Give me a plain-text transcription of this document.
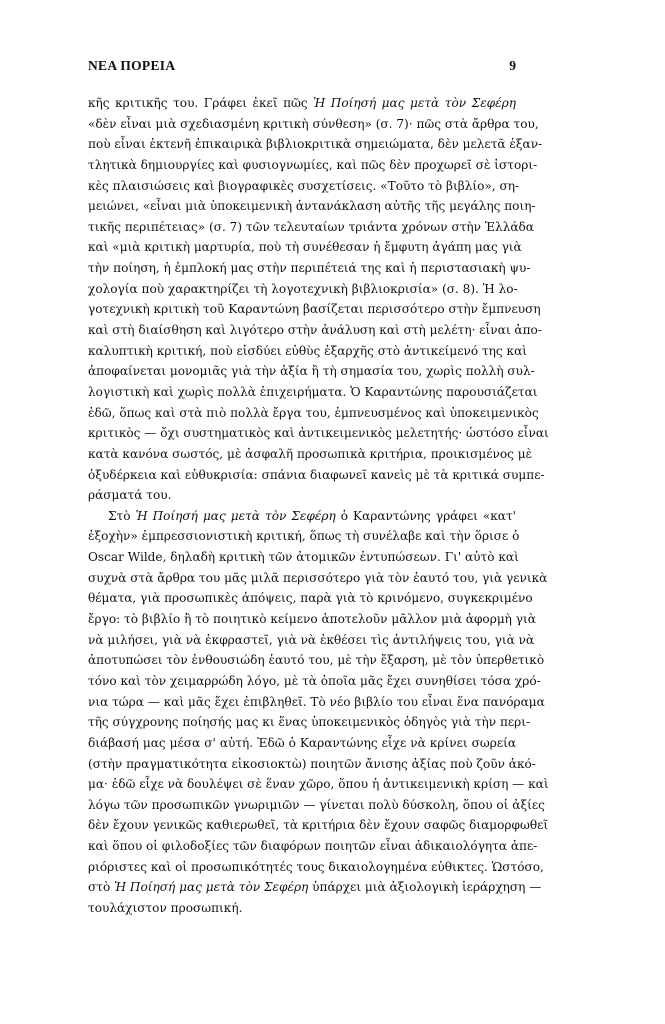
ΝΕΑ ΠΟΡΕΙΑ	9
κῆς κριτικῆς του. Γράφει ἐκεῖ πῶς Ἡ Ποίησή μας μετὰ τὸν Σεφέρη
«δὲν εἶναι μιὰ σχεδιασμένη κριτικὴ σύνθεση» (σ. 7)· πῶς στὰ ἄρθρα του,
ποὺ εἶναι ἐκτενῆ ἐπικαιρικὰ βιβλιοκριτικὰ σημειώματα, δὲν μελετᾶ ἐξαν-
τλητικὰ δημιουργίες καὶ φυσιογνωμίες, καὶ πῶς δὲν προχωρεῖ σὲ ἱστορι-
κὲς πλαισιώσεις καὶ βιογραφικὲς συσχετίσεις. «Τοῦτο τὸ βιβλίο», ση-
μειώνει, «εἶναι μιὰ ὑποκειμενικὴ ἀντανάκλαση αὐτῆς τῆς μεγάλης ποιη-
τικῆς περιπέτειας» (σ. 7) τῶν τελευταίων τριάντα χρόνων στὴν Ἑλλάδα
καὶ «μιὰ κριτικὴ μαρτυρία, ποὺ τὴ συνέθεσαν ἡ ἔμφυτη ἀγάπη μας γιὰ
τὴν ποίηση, ἡ ἐμπλοκή μας στὴν περιπέτειά της καὶ ἡ περιστασιακὴ ψυ-
χολογία ποὺ χαρακτηρίζει τὴ λογοτεχνικὴ βιβλιοκρισία» (σ. 8). Ἡ λο-
γοτεχνικὴ κριτικὴ τοῦ Καραντώνη βασίζεται περισσότερο στὴν ἔμπνευση
καὶ στὴ διαίσθηση καὶ λιγότερο στὴν ἀνάλυση καὶ στὴ μελέτη· εἶναι ἀπο-
καλυπτικὴ κριτική, ποὺ εἰσδύει εὐθὺς ἐξαρχῆς στὸ ἀντικείμενό της καὶ
ἀποφαίνεται μονομιᾶς γιὰ τὴν ἀξία ἢ τὴ σημασία του, χωρὶς πολλὴ συλ-
λογιστικὴ καὶ χωρὶς πολλὰ ἐπιχειρήματα. Ὁ Καραντώνης παρουσιάζεται
ἐδῶ, ὅπως καὶ στὰ πιὸ πολλὰ ἔργα του, ἐμπνευσμένος καὶ ὑποκειμενικὸς
κριτικὸς — ὄχι συστηματικὸς καὶ ἀντικειμενικὸς μελετητής· ὡστόσο εἶναι
κατὰ κανόνα σωστός, μὲ ἀσφαλῆ προσωπικὰ κριτήρια, προικισμένος μὲ
ὀξυδέρκεια καὶ εὐθυκρισία: σπάνια διαφωνεῖ κανεὶς μὲ τὰ κριτικά συμπε-
ράσματά του.
Στὸ Ἡ Ποίησή μας μετὰ τὸν Σεφέρη ὁ Καραντώνης γράφει «κατ'
ἐξοχὴν» ἐμπρεσσιονιστικὴ κριτική, ὅπως τὴ συνέλαβε καὶ τὴν ὅρισε ὁ
Oscar Wilde, δηλαδὴ κριτικὴ τῶν ἀτομικῶν ἐντυπώσεων. Γι' αὐτὸ καὶ
συχνὰ στὰ ἄρθρα του μᾶς μιλᾶ περισσότερο γιὰ τὸν ἑαυτό του, γιὰ γενικὰ
θέματα, γιὰ προσωπικὲς ἀπόψεις, παρὰ γιὰ τὸ κρινόμενο, συγκεκριμένο
ἔργο: τὸ βιβλίο ἢ τὸ ποιητικὸ κείμενο ἀποτελοῦν μᾶλλον μιὰ ἀφορμὴ γιὰ
νὰ μιλήσει, γιὰ νὰ ἐκφραστεῖ, γιὰ νὰ ἐκθέσει τὶς ἀντιλήψεις του, γιὰ νὰ
ἀποτυπώσει τὸν ἐνθουσιώδη ἑαυτό του, μὲ τὴν ἔξαρση, μὲ τὸν ὑπερθετικὸ
τόνο καὶ τὸν χειμαρρώδη λόγο, μὲ τὰ ὁποῖα μᾶς ἔχει συνηθίσει τόσα χρό-
νια τώρα — καὶ μᾶς ἔχει ἐπιβληθεῖ. Τὸ νέο βιβλίο του εἶναι ἕνα πανόραμα
τῆς σύγχρονης ποίησής μας κι ἕνας ὑποκειμενικὸς ὁδηγὸς γιὰ τὴν περι-
διάβασή μας μέσα σ' αὐτή. Ἐδῶ ὁ Καραντώνης εἶχε νὰ κρίνει σωρεία
(στὴν πραγματικότητα εἰκοσιοκτὼ) ποιητῶν ἄνισης ἀξίας ποὺ ζοῦν ἀκό-
μα· ἐδῶ εἶχε νὰ δουλέψει σὲ ἕναν χῶρο, ὅπου ἡ ἀντικειμενικὴ κρίση — καὶ
λόγω τῶν προσωπικῶν γνωριμιῶν — γίνεται πολὺ δύσκολη, ὅπου οἱ ἀξίες
δὲν ἔχουν γενικῶς καθιερωθεῖ, τὰ κριτήρια δὲν ἔχουν σαφῶς διαμορφωθεῖ
καὶ ὅπου οἱ φιλοδοξίες τῶν διαφόρων ποιητῶν εἶναι ἀδικαιολόγητα ἀπε-
ριόριστες καὶ οἱ προσωπικότητές τους δικαιολογημένα εὐθικτες. Ὡστόσο,
στὸ Ἡ Ποίησή μας μετὰ τὸν Σεφέρη ὑπάρχει μιὰ ἀξιολογικὴ ἱεράρχηση —
τουλάχιστον προσωπική.
